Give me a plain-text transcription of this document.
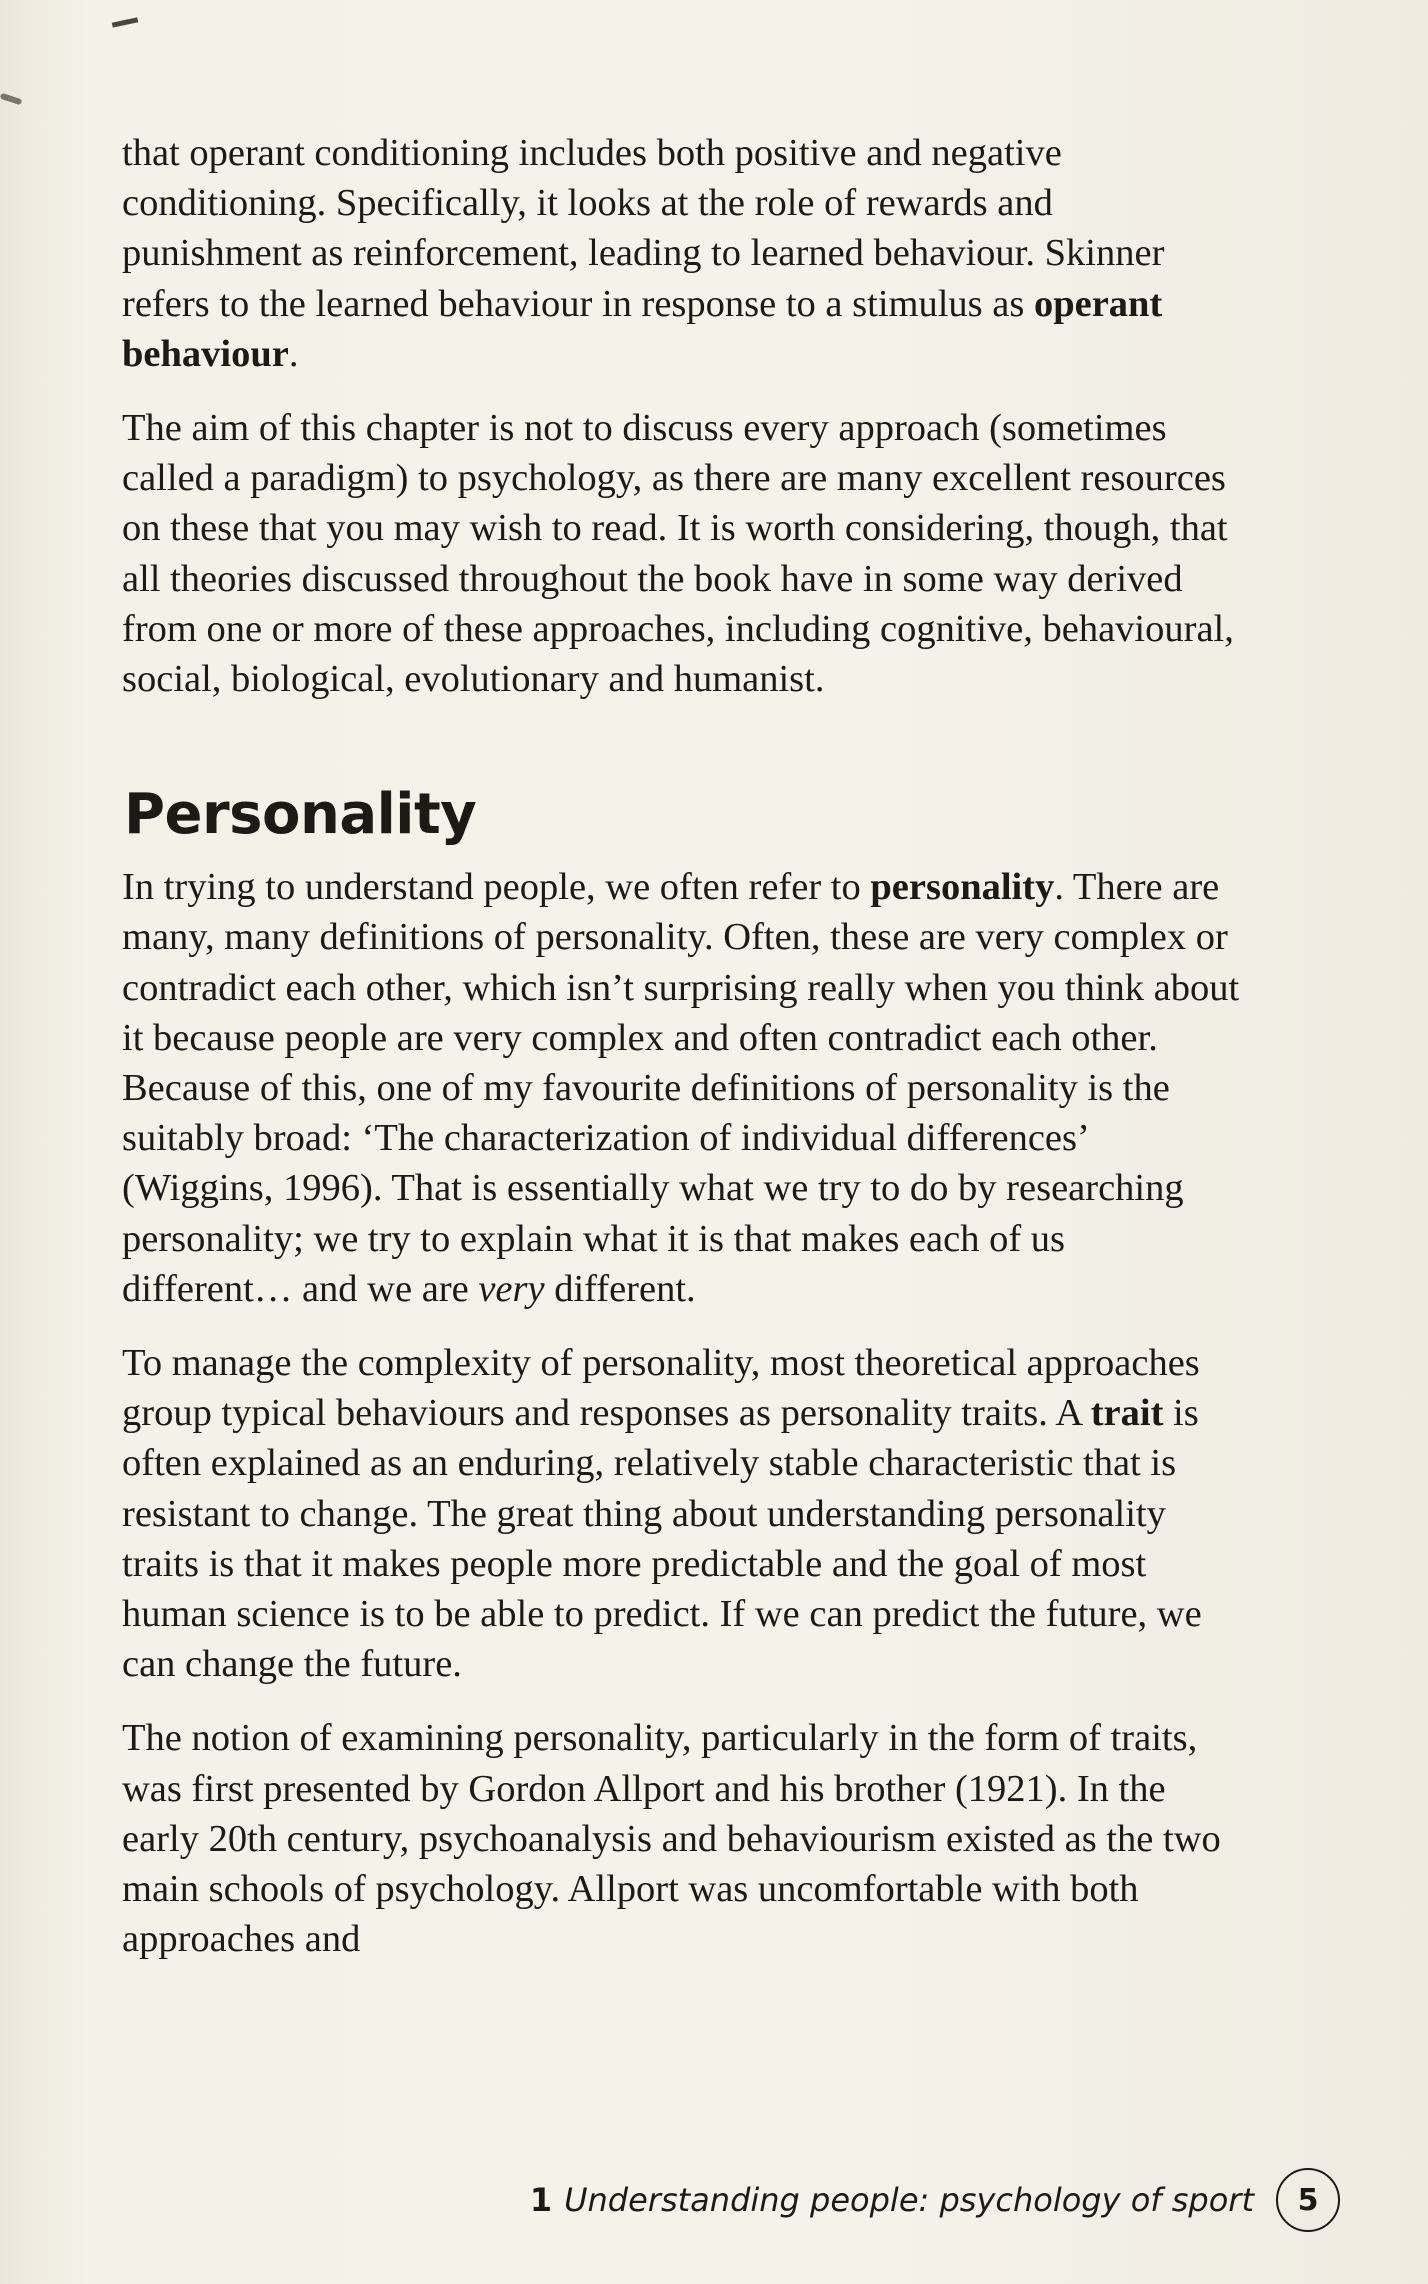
that operant conditioning includes both positive and negative conditioning. Specifically, it looks at the role of rewards and punishment as reinforcement, leading to learned behaviour. Skinner refers to the learned behaviour in response to a stimulus as operant behaviour.

The aim of this chapter is not to discuss every approach (sometimes called a paradigm) to psychology, as there are many excellent resources on these that you may wish to read. It is worth considering, though, that all theories discussed throughout the book have in some way derived from one or more of these approaches, including cognitive, behavioural, social, biological, evolutionary and humanist.

Personality

In trying to understand people, we often refer to personality. There are many, many definitions of personality. Often, these are very complex or contradict each other, which isn’t surprising really when you think about it because people are very complex and often contradict each other. Because of this, one of my favourite definitions of personality is the suitably broad: ‘The characterization of individual differences’ (Wiggins, 1996). That is essentially what we try to do by researching personality; we try to explain what it is that makes each of us different… and we are very different.

To manage the complexity of personality, most theoretical approaches group typical behaviours and responses as personality traits. A trait is often explained as an enduring, relatively stable characteristic that is resistant to change. The great thing about understanding personality traits is that it makes people more predictable and the goal of most human science is to be able to predict. If we can predict the future, we can change the future.

The notion of examining personality, particularly in the form of traits, was first presented by Gordon Allport and his brother (1921). In the early 20th century, psychoanalysis and behaviourism existed as the two main schools of psychology. Allport was uncomfortable with both approaches and

1 Understanding people: psychology of sport 5
